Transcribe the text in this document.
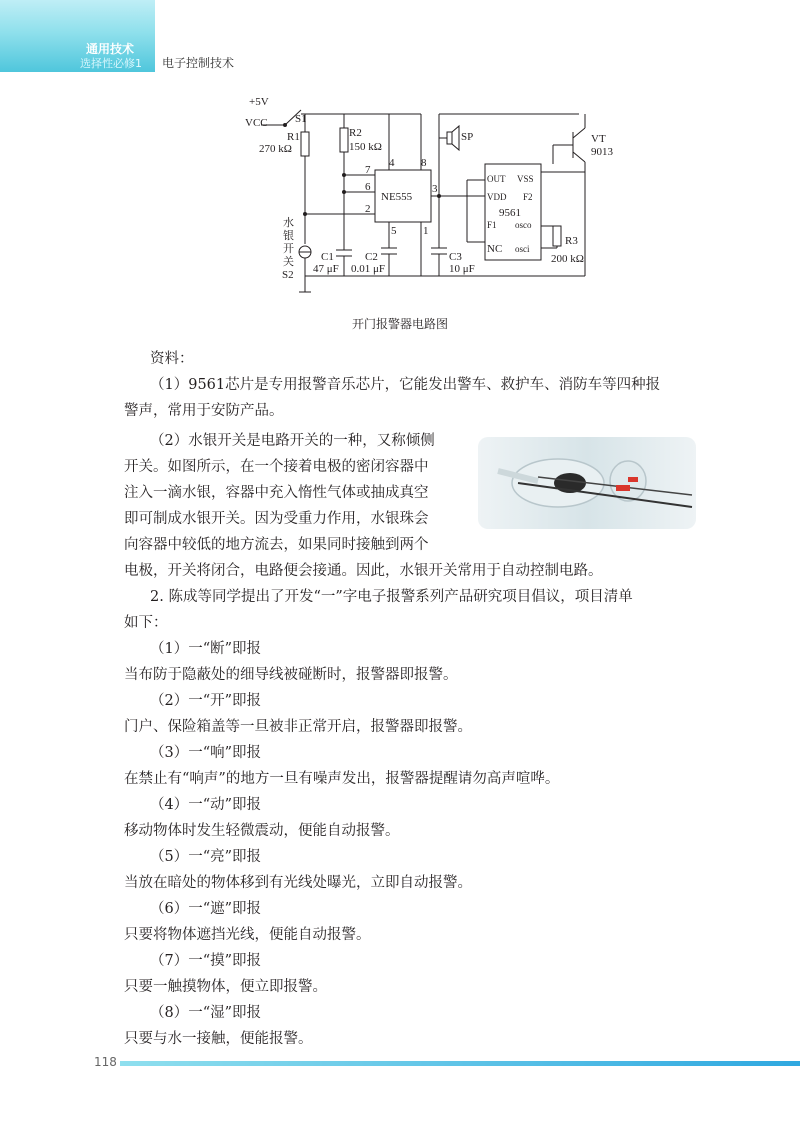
通用技术
选择性必修1 电子控制技术
+5V
VCC S1
R1
270 kΩ
R2
150 kΩ
NE555
4 8
7
6
2
5 1
3
SP	VT
9013
9561
NC
R3
200 kΩ
C1
47 μF
C2
0.01 μF
C3
10 μF
OUT VSS
VDD F2
F1 osco
osci
水
银
开
关
S2
开门报警器电路图
资料：
（1）9561芯片是专用报警音乐芯片，它能发出警车、救护车、消防车等四种报
警声，常用于安防产品。
（2）水银开关是电路开关的一种，又称倾侧
开关。如图所示，在一个接着电极的密闭容器中
注入一滴水银，容器中充入惰性气体或抽成真空
即可制成水银开关。因为受重力作用，水银珠会
向容器中较低的地方流去，如果同时接触到两个
电极，开关将闭合，电路便会接通。因此，水银开关常用于自动控制电路。
2. 陈成等同学提出了开发“一”字电子报警系列产品研究项目倡议，项目清单
如下：
（1）一“断”即报
当布防于隐蔽处的细导线被碰断时，报警器即报警。
（2）一“开”即报
门户、保险箱盖等一旦被非正常开启，报警器即报警。
（3）一“响”即报
在禁止有“响声”的地方一旦有噪声发出，报警器提醒请勿高声喧哗。
（4）一“动”即报
移动物体时发生轻微震动，便能自动报警。
（5）一“亮”即报
当放在暗处的物体移到有光线处曝光，立即自动报警。
（6）一“遮”即报
只要将物体遮挡光线，便能自动报警。
（7）一“摸”即报
只要一触摸物体，便立即报警。
（8）一“湿”即报
只要与水一接触，便能报警。
118
